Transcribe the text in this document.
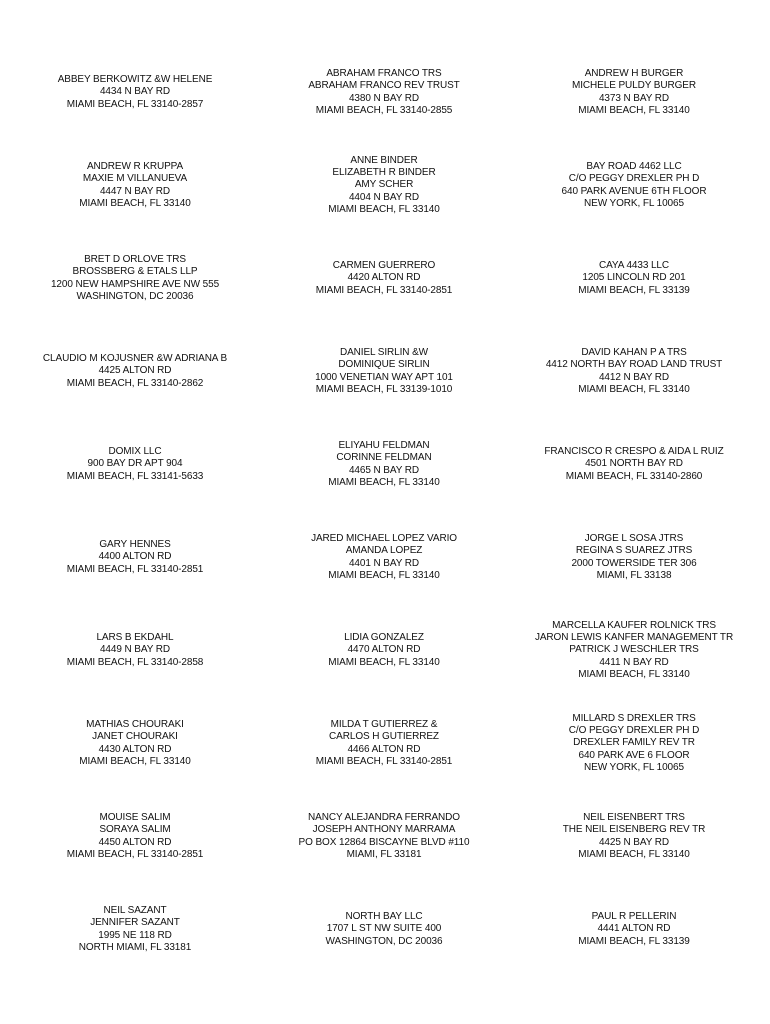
ABBEY BERKOWITZ &W HELENE
4434 N BAY RD
MIAMI BEACH, FL 33140-2857
ABRAHAM FRANCO TRS
ABRAHAM FRANCO REV TRUST
4380 N BAY RD
MIAMI BEACH, FL 33140-2855
ANDREW H BURGER
MICHELE PULDY BURGER
4373 N BAY RD
MIAMI BEACH, FL 33140
ANDREW R KRUPPA
MAXIE M VILLANUEVA
4447 N BAY RD
MIAMI BEACH, FL 33140
ANNE BINDER
ELIZABETH R BINDER
AMY SCHER
4404 N BAY RD
MIAMI BEACH, FL 33140
BAY ROAD 4462 LLC
C/O PEGGY DREXLER PH D
640 PARK AVENUE 6TH FLOOR
NEW YORK, FL 10065
BRET D ORLOVE TRS
BROSSBERG & ETALS LLP
1200 NEW HAMPSHIRE AVE NW 555
WASHINGTON, DC 20036
CARMEN GUERRERO
4420 ALTON RD
MIAMI BEACH, FL 33140-2851
CAYA 4433 LLC
1205 LINCOLN RD 201
MIAMI BEACH, FL 33139
CLAUDIO M KOJUSNER &W ADRIANA B
4425 ALTON RD
MIAMI BEACH, FL 33140-2862
DANIEL SIRLIN &W
DOMINIQUE SIRLIN
1000 VENETIAN WAY APT 101
MIAMI BEACH, FL 33139-1010
DAVID KAHAN P A TRS
4412 NORTH BAY ROAD LAND TRUST
4412 N BAY RD
MIAMI BEACH, FL 33140
DOMIX LLC
900 BAY DR APT 904
MIAMI BEACH, FL 33141-5633
ELIYAHU FELDMAN
CORINNE FELDMAN
4465 N BAY RD
MIAMI BEACH, FL 33140
FRANCISCO R CRESPO & AIDA L RUIZ
4501 NORTH BAY RD
MIAMI BEACH, FL 33140-2860
GARY HENNES
4400 ALTON RD
MIAMI BEACH, FL 33140-2851
JARED MICHAEL LOPEZ VARIO
AMANDA LOPEZ
4401 N BAY RD
MIAMI BEACH, FL 33140
JORGE L SOSA JTRS
REGINA S SUAREZ JTRS
2000 TOWERSIDE TER 306
MIAMI, FL 33138
LARS B EKDAHL
4449 N BAY RD
MIAMI BEACH, FL 33140-2858
LIDIA GONZALEZ
4470 ALTON RD
MIAMI BEACH, FL 33140
MARCELLA KAUFER ROLNICK TRS
JARON LEWIS KANFER MANAGEMENT TR
PATRICK J WESCHLER TRS
4411 N BAY RD
MIAMI BEACH, FL 33140
MATHIAS CHOURAKI
JANET CHOURAKI
4430 ALTON RD
MIAMI BEACH, FL 33140
MILDA T GUTIERREZ &
CARLOS H GUTIERREZ
4466 ALTON RD
MIAMI BEACH, FL 33140-2851
MILLARD S DREXLER TRS
C/O PEGGY DREXLER PH D
DREXLER FAMILY REV TR
640 PARK AVE 6 FLOOR
NEW YORK, FL 10065
MOUISE SALIM
SORAYA SALIM
4450 ALTON RD
MIAMI BEACH, FL 33140-2851
NANCY ALEJANDRA FERRANDO
JOSEPH ANTHONY MARRAMA
PO BOX 12864 BISCAYNE BLVD #110
MIAMI, FL 33181
NEIL EISENBERT TRS
THE NEIL EISENBERG REV TR
4425 N BAY RD
MIAMI BEACH, FL 33140
NEIL SAZANT
JENNIFER SAZANT
1995 NE 118 RD
NORTH MIAMI, FL 33181
NORTH BAY LLC
1707 L ST NW SUITE 400
WASHINGTON, DC 20036
PAUL R PELLERIN
4441 ALTON RD
MIAMI BEACH, FL 33139
